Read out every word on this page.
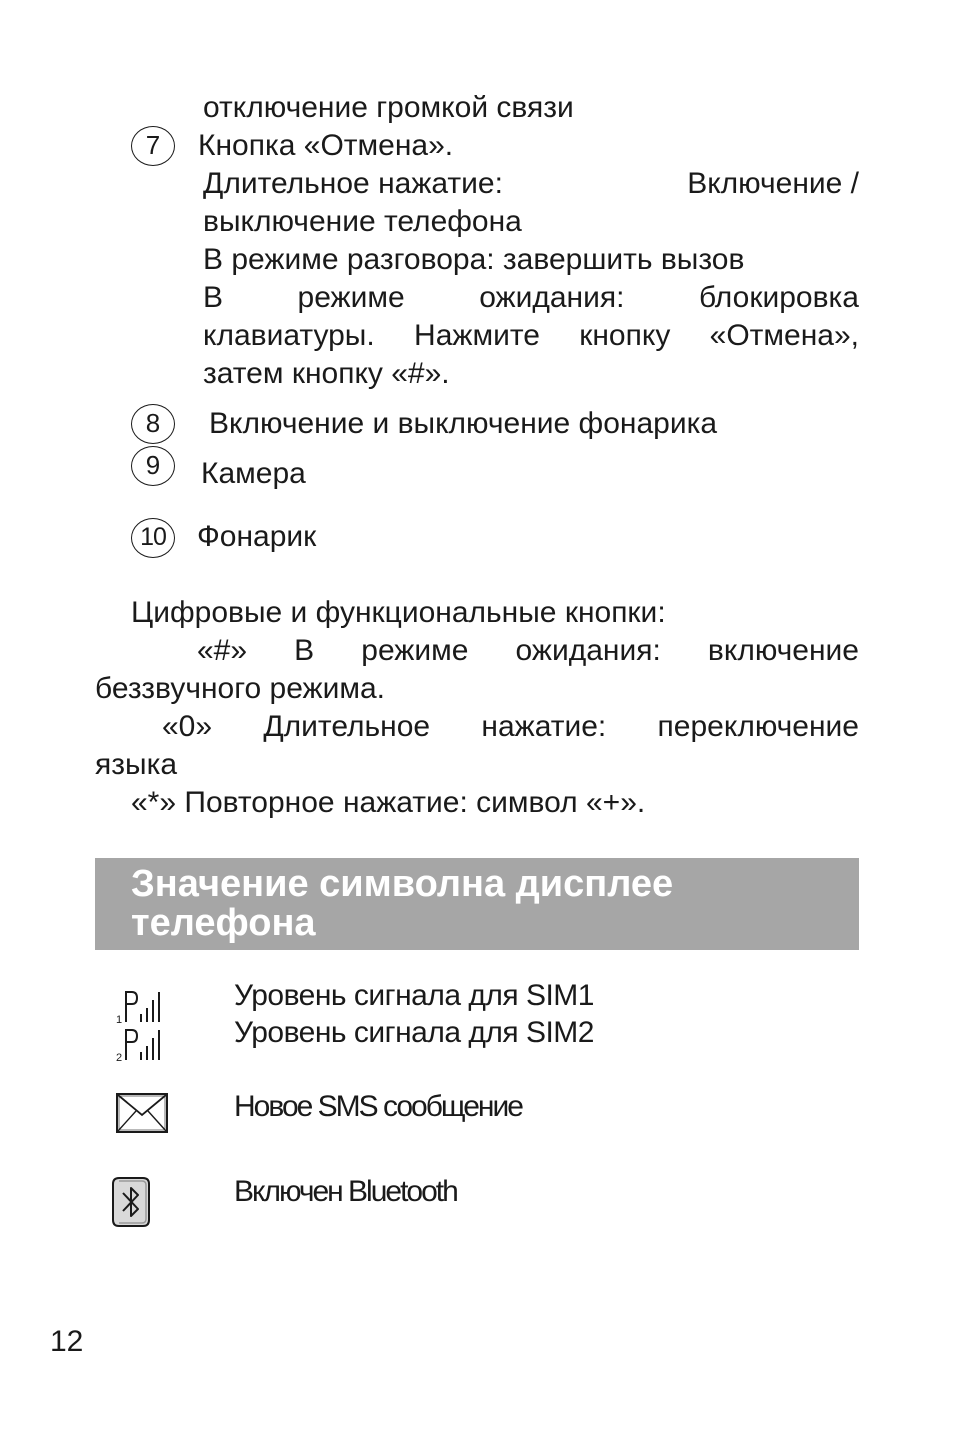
отключение громкой связи
7	Кнопка «Отмена».
Длительное нажатие:	Включение /
выключение телефона
В режиме разговора: завершить вызов
В режиме ожидания: блокировка
клавиатуры. Нажмите кнопку «Отмена»,
затем кнопку «#».
8	Включение и выключение фонарика
9	Камера
10	Фонарик
Цифровые и функциональные кнопки:
«#» В режиме ожидания: включение
беззвучного режима.
«0» Длительное нажатие: переключение
языка
«*» Повторное нажатие: символ «+».
Значение символна дисплее
телефона
1
2
Уровень сигнала для SIM1
Уровень сигнала для SIM2
Новое SMS сообщение
Включен Bluetooth
12
